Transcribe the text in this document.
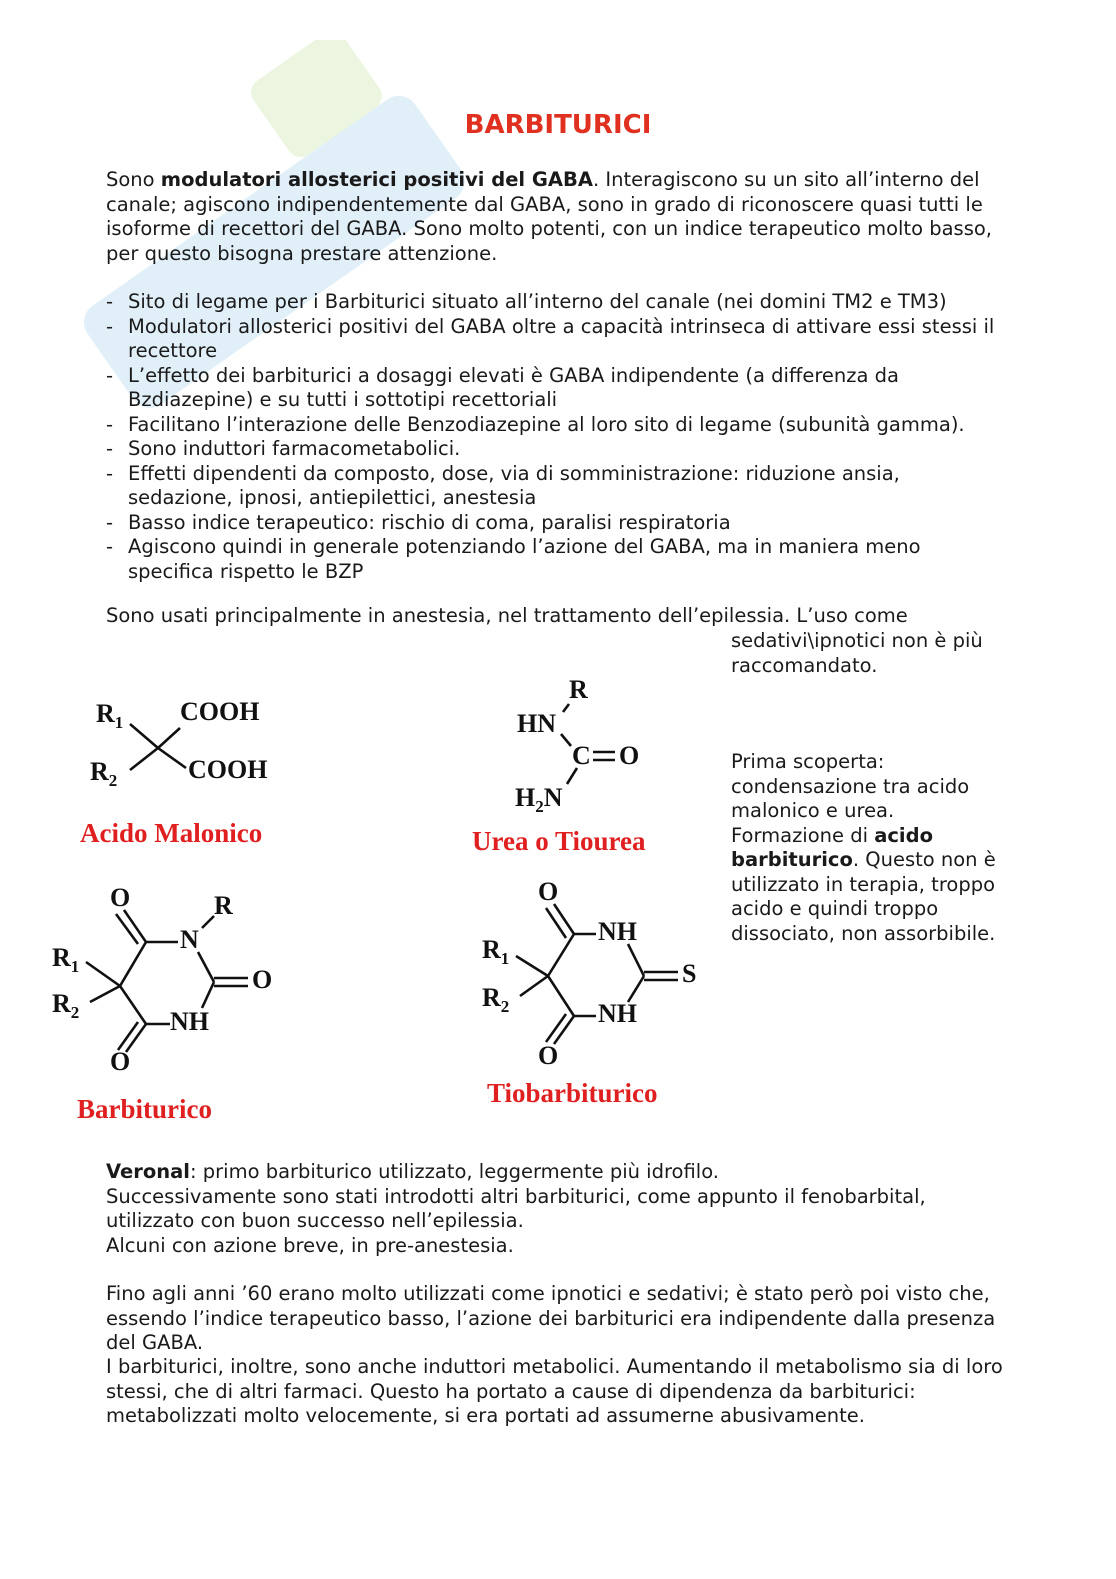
BARBITURICI
Sono modulatori allosterici positivi del GABA. Interagiscono su un sito all’interno del canale; agiscono indipendentemente dal GABA, sono in grado di riconoscere quasi tutti le isoforme di recettori del GABA. Sono molto potenti, con un indice terapeutico molto basso, per questo bisogna prestare attenzione.
- Sito di legame per i Barbiturici situato all’interno del canale (nei domini TM2 e TM3)
- Modulatori allosterici positivi del GABA oltre a capacità intrinseca di attivare essi stessi il recettore
- L’effetto dei barbiturici a dosaggi elevati è GABA indipendente (a differenza da Bzdiazepine) e su tutti i sottotipi recettoriali
- Facilitano l’interazione delle Benzodiazepine al loro sito di legame (subunità gamma).
- Sono induttori farmacometabolici.
- Effetti dipendenti da composto, dose, via di somministrazione: riduzione ansia, sedazione, ipnosi, antiepilettici, anestesia
- Basso indice terapeutico: rischio di coma, paralisi respiratoria
- Agiscono quindi in generale potenziando l’azione del GABA, ma in maniera meno specifica rispetto le BZP
Sono usati principalmente in anestesia, nel trattamento dell’epilessia. L’uso come
sedativi\ipnotici non è più raccomandato.
Prima scoperta: condensazione tra acido malonico e urea. Formazione di acido barbiturico. Questo non è utilizzato in terapia, troppo acido e quindi troppo dissociato, non assorbibile.
$R_1$
$R_2$
COOH
COOH
Acido Malonico
R
HN
C O
$H_2N$
Urea o Tiourea
O	R
N
O
NH
O
$R_1$
$R_2$
Barbiturico
O
NH
S
NH
O
$R_1$
$R_2$
Tiobarbiturico
Veronal: primo barbiturico utilizzato, leggermente più idrofilo.
Successivamente sono stati introdotti altri barbiturici, come appunto il fenobarbital, utilizzato con buon successo nell’epilessia.
Alcuni con azione breve, in pre-anestesia.
Fino agli anni ’60 erano molto utilizzati come ipnotici e sedativi; è stato però poi visto che, essendo l’indice terapeutico basso, l’azione dei barbiturici era indipendente dalla presenza del GABA.
I barbiturici, inoltre, sono anche induttori metabolici. Aumentando il metabolismo sia di loro stessi, che di altri farmaci. Questo ha portato a cause di dipendenza da barbiturici: metabolizzati molto velocemente, si era portati ad assumerne abusivamente.
